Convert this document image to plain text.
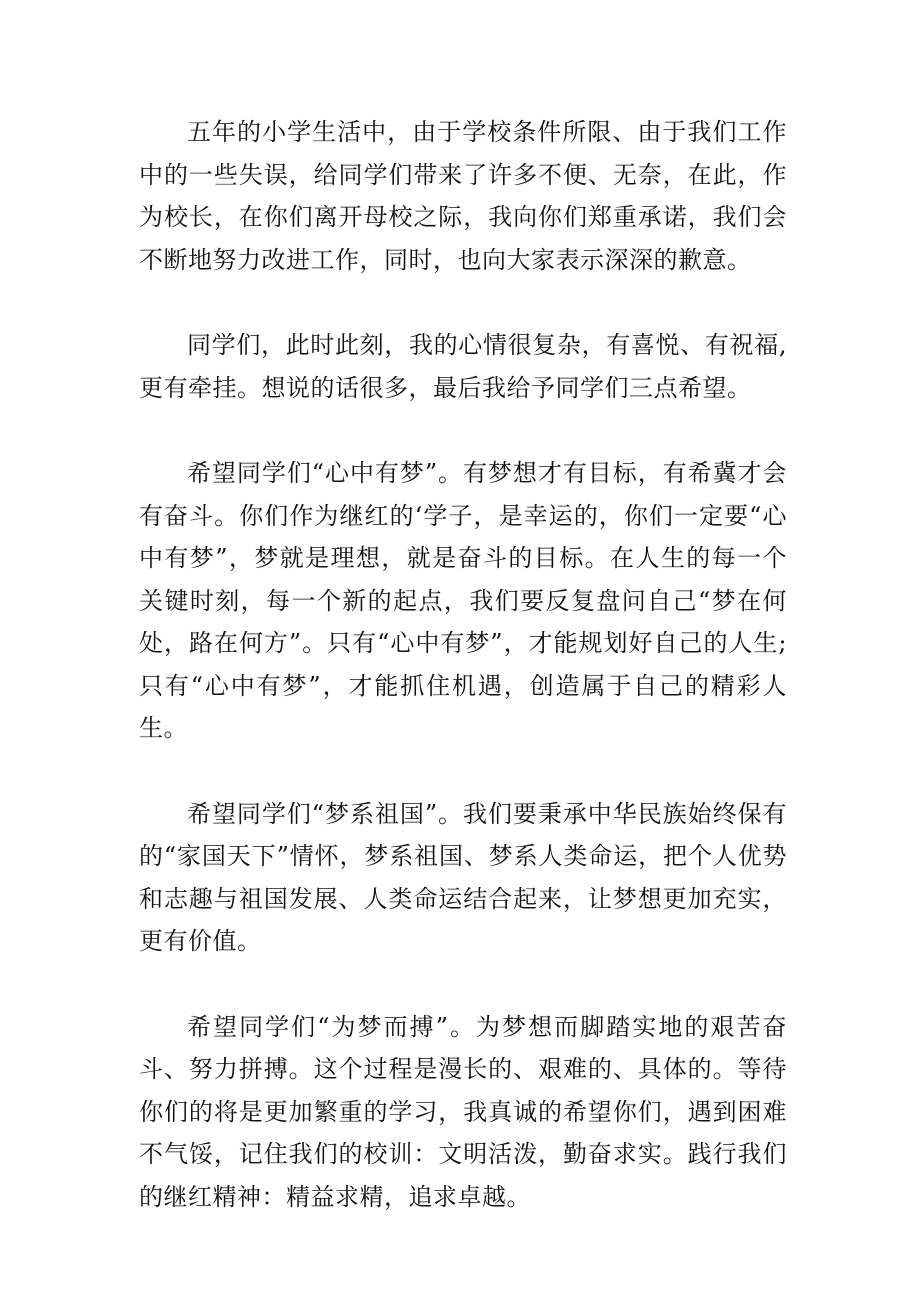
五年的小学生活中，由于学校条件所限、由于我们工作中的一些失误，给同学们带来了许多不便、无奈，在此，作为校长，在你们离开母校之际，我向你们郑重承诺，我们会不断地努力改进工作，同时，也向大家表示深深的歉意。

同学们，此时此刻，我的心情很复杂，有喜悦、有祝福,更有牵挂。想说的话很多，最后我给予同学们三点希望。

希望同学们“心中有梦”。有梦想才有目标，有希冀才会有奋斗。你们作为继红的‘学子，是幸运的，你们一定要“心中有梦”，梦就是理想，就是奋斗的目标。在人生的每一个关键时刻，每一个新的起点，我们要反复盘问自己“梦在何处，路在何方”。只有“心中有梦”，才能规划好自己的人生;只有“心中有梦”，才能抓住机遇，创造属于自己的精彩人生。

希望同学们“梦系祖国”。我们要秉承中华民族始终保有的“家国天下”情怀，梦系祖国、梦系人类命运，把个人优势和志趣与祖国发展、人类命运结合起来，让梦想更加充实，更有价值。

希望同学们“为梦而搏”。为梦想而脚踏实地的艰苦奋斗、努力拼搏。这个过程是漫长的、艰难的、具体的。等待你们的将是更加繁重的学习，我真诚的希望你们，遇到困难不气馁，记住我们的校训：文明活泼，勤奋求实。践行我们的继红精神：精益求精，追求卓越。
